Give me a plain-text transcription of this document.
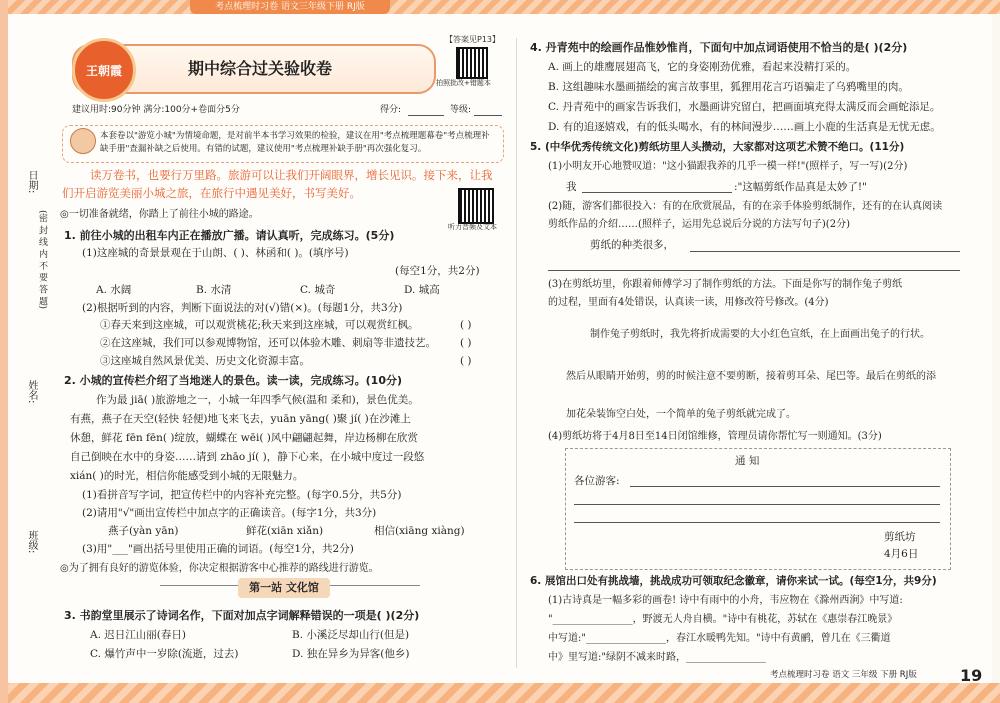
考点梳理时习卷 语文三年级下册 RJ版
日期:
(密 封 线 内 不 要 答 题)
姓名:
班级:
【答案见P13】
王朝霞	期中综合过关验收卷
拍照批改+错题本
建议用时:90分钟 满分:100分+卷面分5分	得分:	等级:
本套卷以"游览小城"为情境命题，是对前半本书学习效果的检验，建议在用"考点梳理题幕卷"考点梳理补缺手册"查漏补缺之后使用。有错的试题，建议使用"考点梳理补缺手册"再次强化复习。
读万卷书，也要行万里路。旅游可以让我们开阔眼界，增长见识。接下来，让我
们开启游览美丽小城之旅，在旅行中遇见美好，书写美好。
听力音频及文本
◎一切准备就绪，你踏上了前往小城的路途。
1. 前往小城的出租车内正在播放广播。请认真听，完成练习。(5分)
(1)这座城的奇景景观在于山朗、( )、林函和( )。(填序号)
(每空1分，共2分)
A. 水阔	B. 水清	C. 城奇	D. 城高
(2)根据听到的内容，判断下面说法的对(√)错(×)。(每题1分，共3分)
①春天来到这座城，可以观赏桃花;秋天来到这座城，可以观赏红枫。
②在这座城，我们可以参观博物馆，还可以体验木雕、刺扇等非遗技艺。
③这座城自然风景优美、历史文化资源丰富。
( )
( )
( )
2. 小城的宣传栏介绍了当地迷人的景色。读一读，完成练习。(10分)
作为最 jiā( )旅游地之一，小城一年四季气候(温和 柔和)，景色优美。
有燕，燕子在天空(轻快 轻便)地飞来飞去，yuān yāng( )聚 jí( )在沙滩上
休憩，鲜花 fēn fēn( )绽放，蝴蝶在 wēi( )风中翩翩起舞，岸边杨柳在欣赏
自己倒映在水中的身姿……请到 zhāo jí( )，静下心来，在小城中度过一段悠
xián( )的时光，相信你能感受到小城的无限魅力。
(1)看拼音写字词，把宣传栏中的内容补充完整。(每字0.5分，共5分)
(2)请用"√"画出宣传栏中加点字的正确读音。(每字1分，共3分)
燕子(yàn yān)	鲜花(xiān xiǎn)	相信(xiāng xiàng)
(3)用"___"画出括号里使用正确的词语。(每空1分，共2分)
◎为了拥有良好的游览体验，你决定根据游客中心推荐的路线进行游览。
第一站 文化馆
3. 书韵堂里展示了诗词名作，下面对加点字词解释错误的一项是( )(2分)
A. 迟日江山丽(春日)	B. 小溪泛尽却山行(但是)
C. 爆竹声中一岁除(流逝，过去)	D. 独在异乡为异客(他乡)
4. 丹青苑中的绘画作品惟妙惟肖，下面句中加点词语使用不恰当的是( )(2分)
A. 画上的雄鹰展翅高飞，它的身姿刚劲优雅，看起来没精打采的。
B. 这组趣味水墨画描绘的寓言故事里，狐狸用花言巧语骗走了乌鸦嘴里的肉。
C. 丹青苑中的画家告诉我们，水墨画讲究留白，把画面填充得太满反而会画蛇添足。
D. 有的追逐嬉戏，有的低头喝水，有的林间漫步……画上小鹿的生活真是无忧无虑。
5. (中华优秀传统文化)剪纸坊里人头攒动，大家都对这项艺术赞不绝口。(11分)
(1)小明友开心地赞叹道："这小猫跟我养的几乎一模一样!"(照样子，写一写)(2分)
我	:"这幅剪纸作品真是太妙了!"
(2)随，游客们都很投入：有的在欣赏展品，有的在亲手体验剪纸制作，还有的在认真阅读
剪纸作品的介绍……(照样子，运用先总说后分说的方法写句子)(2分)
剪纸的种类很多，
(3)在剪纸坊里，你跟着师傅学习了制作剪纸的方法。下面是你写的制作兔子剪纸
的过程，里面有4处错误，认真读一读，用修改符号修改。(4分)
制作兔子剪纸时，我先将折成需要的大小红色宣纸，在上面画出兔子的行状。
然后从眼睛开始剪，剪的时候注意不要剪断，接着剪耳朵、尾巴等。最后在剪纸的添
加花朵装饰空白处，一个简单的兔子剪纸就完成了。
(4)剪纸坊将于4月8日至14日闭馆维修，管理员请你帮忙写一则通知。(3分)
通 知
各位游客:
剪纸坊
4月6日
6. 展馆出口处有挑战墙，挑战成功可领取纪念徽章，请你来试一试。(每空1分，共9分)
(1)古诗真是一幅多彩的画卷! 诗中有雨中的小舟，韦应物在《滁州西涧》中写道:
"________________，野渡无人舟自横。"诗中有桃花，苏轼在《惠崇春江晚景》
中写道:"________________，春江水暖鸭先知。"诗中有黄鹂，曾几在《三衢道
中》里写道:"绿阴不减来时路，________________
考点梳理时习卷 语文 三年级 下册 RJ版	19
